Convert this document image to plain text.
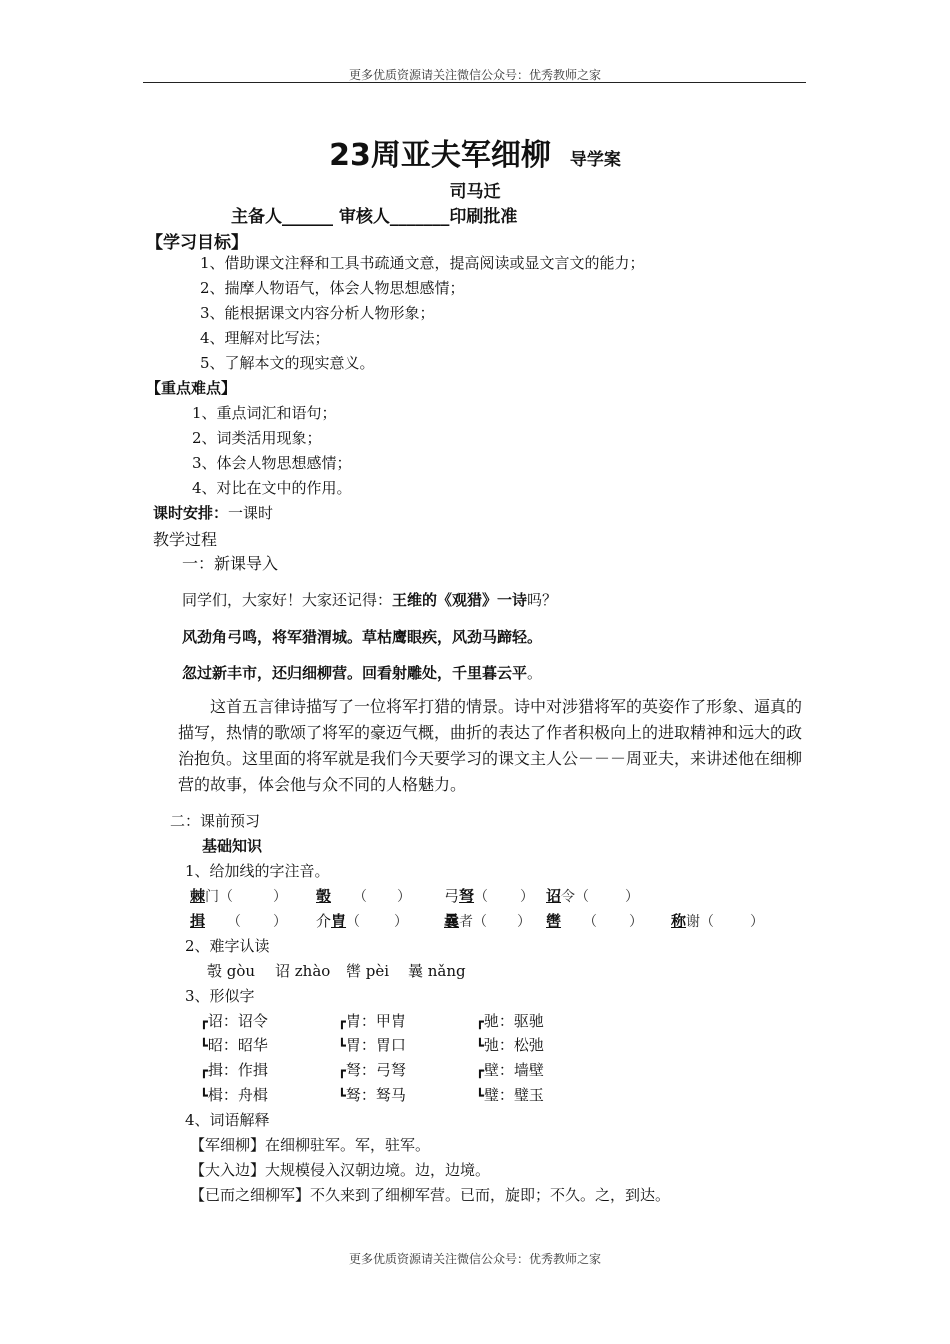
更多优质资源请关注微信公众号：优秀教师之家
23周亚夫军细柳 导学案
司马迁
主备人______ 审核人_______印刷批准
【学习目标】
1、借助课文注释和工具书疏通文意，提高阅读或显文言文的能力；
2、揣摩人物语气，体会人物思想感情；
3、能根据课文内容分析人物形象；
4、理解对比写法；
5、了解本文的现实意义。
【重点难点】
1、重点词汇和语句；
2、词类活用现象；
3、体会人物思想感情；
4、对比在文中的作用。
课时安排：一课时
教学过程
一：新课导入
同学们，大家好！大家还记得：王维的《观猎》一诗吗？
风劲角弓鸣，将军猎渭城。草枯鹰眼疾，风劲马蹄轻。
忽过新丰市，还归细柳营。回看射雕处，千里暮云平。
这首五言律诗描写了一位将军打猎的情景。诗中对涉猎将军的英姿作了形象、逼真的描写，热情的歌颂了将军的豪迈气概，曲折的表达了作者积极向上的进取精神和远大的政治抱负。这里面的将军就是我们今天要学习的课文主人公－－－周亚夫，来讲述他在细柳营的故事，体会他与众不同的人格魅力。
二：课前预习
基础知识
1、给加线的字注音。
棘门（	） 彀 （ ） 弓弩（ ） 诏令（	）
揖 （ ） 介胄（ ） 曩者（ ） 辔 （ ） 称谢（	）
2、难字认读
彀 gòu 诏 zhào 辔 pèi 曩 nǎng
3、形似字
┏诏：诏令	┏胄：甲胄	┏驰：驱驰
┗昭：昭华	┗胃：胃口	┗弛：松弛
┏揖：作揖	┏弩：弓弩	┏壁：墙壁
┗楫：舟楫	┗驽：驽马	┗璧：璧玉
4、词语解释
【军细柳】在细柳驻军。军，驻军。
【大入边】大规模侵入汉朝边境。边，边境。
【已而之细柳军】不久来到了细柳军营。已而，旋即；不久。之，到达。
更多优质资源请关注微信公众号：优秀教师之家
